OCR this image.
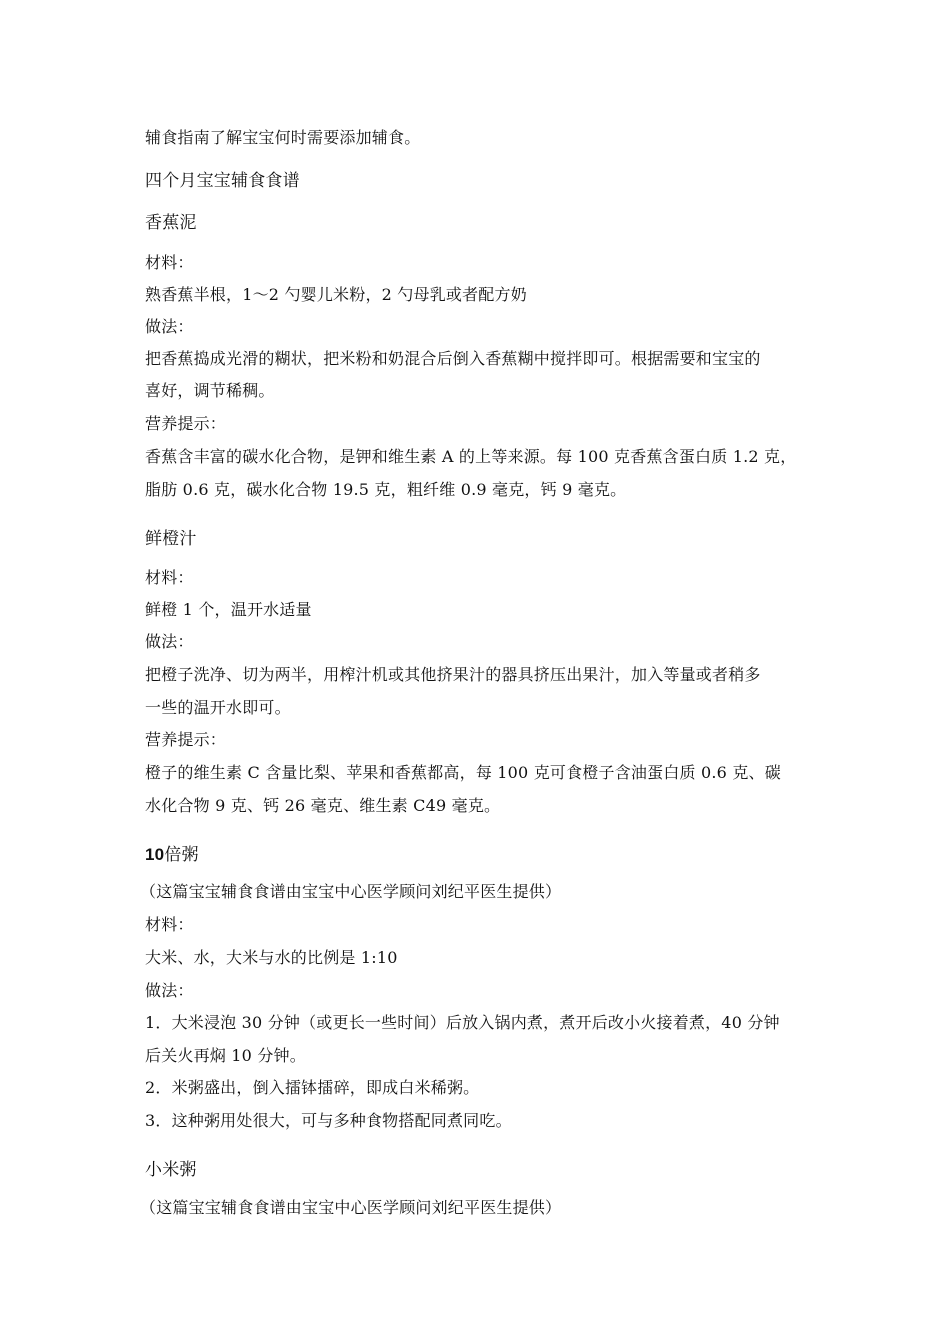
辅食指南了解宝宝何时需要添加辅食。
四个月宝宝辅食食谱
香蕉泥
材料：
熟香蕉半根，1～2 勺婴儿米粉，2 勺母乳或者配方奶
做法：
把香蕉捣成光滑的糊状，把米粉和奶混合后倒入香蕉糊中搅拌即可。根据需要和宝宝的
喜好，调节稀稠。
营养提示：
香蕉含丰富的碳水化合物，是钾和维生素 A 的上等来源。每 100 克香蕉含蛋白质 1.2 克，
脂肪 0.6 克，碳水化合物 19.5 克，粗纤维 0.9 毫克，钙 9 毫克。
鲜橙汁
材料：
鲜橙 1 个，温开水适量
做法：
把橙子洗净、切为两半，用榨汁机或其他挤果汁的器具挤压出果汁，加入等量或者稍多
一些的温开水即可。
营养提示：
橙子的维生素 C 含量比梨、苹果和香蕉都高，每 100 克可食橙子含油蛋白质 0.6 克、碳
水化合物 9 克、钙 26 毫克、维生素 C49 毫克。
10倍粥
（这篇宝宝辅食食谱由宝宝中心医学顾问刘纪平医生提供）
材料：
大米、水，大米与水的比例是 1:10
做法：
1．大米浸泡 30 分钟（或更长一些时间）后放入锅内煮，煮开后改小火接着煮，40 分钟
后关火再焖 10 分钟。
2．米粥盛出，倒入擂钵擂碎，即成白米稀粥。
3．这种粥用处很大，可与多种食物搭配同煮同吃。
小米粥
（这篇宝宝辅食食谱由宝宝中心医学顾问刘纪平医生提供）
